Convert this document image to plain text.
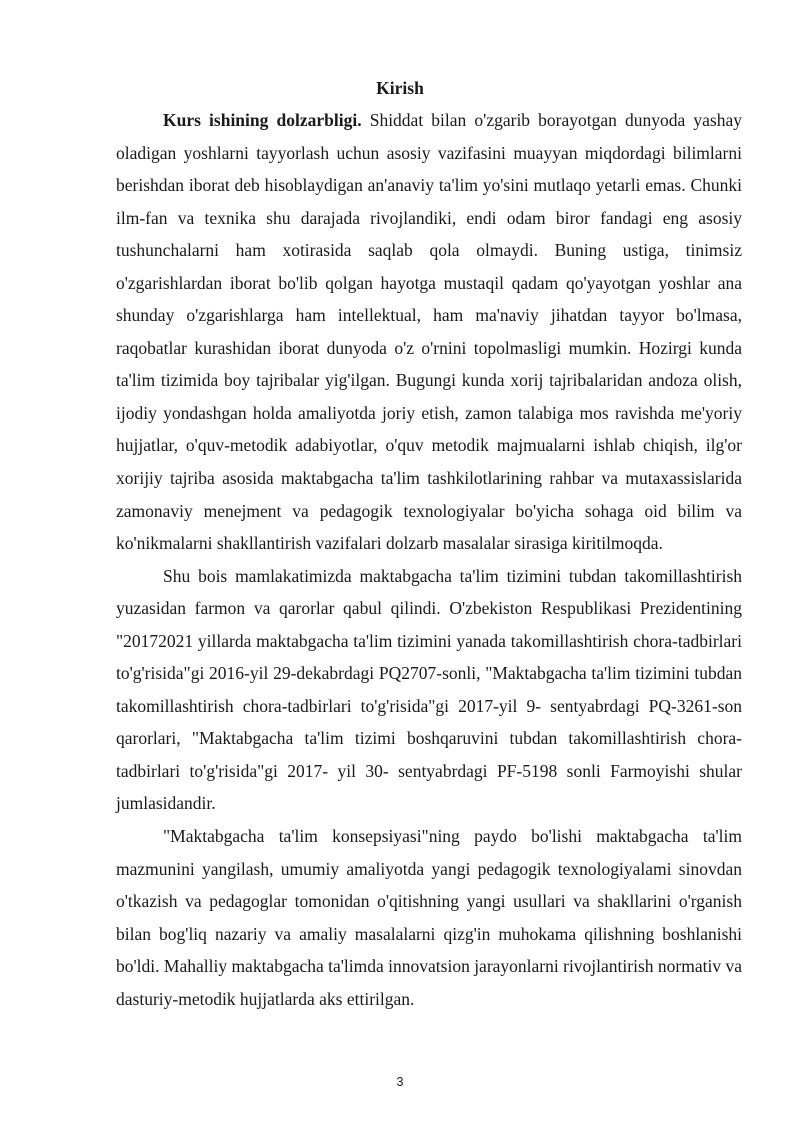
Kirish

Kurs ishining dolzarbligi. Shiddat bilan o'zgarib borayotgan dunyoda yashay oladigan yoshlarni tayyorlash uchun asosiy vazifasini muayyan miqdordagi bilimlarni berishdan iborat deb hisoblaydigan an'anaviy ta'lim yo'sini mutlaqo yetarli emas. Chunki ilm-fan va texnika shu darajada rivojlandiki, endi odam biror fandagi eng asosiy tushunchalarni ham xotirasida saqlab qola olmaydi. Buning ustiga, tinimsiz o'zgarishlardan iborat bo'lib qolgan hayotga mustaqil qadam qo'yayotgan yoshlar ana shunday o'zgarishlarga ham intellektual, ham ma'naviy jihatdan tayyor bo'lmasa, raqobatlar kurashidan iborat dunyoda o'z o'rnini topolmasligi mumkin. Hozirgi kunda ta'lim tizimida boy tajribalar yig'ilgan. Bugungi kunda xorij tajribalaridan andoza olish, ijodiy yondashgan holda amaliyotda joriy etish, zamon talabiga mos ravishda me'yoriy hujjatlar, o'quv-metodik adabiyotlar, o'quv metodik majmualarni ishlab chiqish, ilg'or xorijiy tajriba asosida maktabgacha ta'lim tashkilotlarining rahbar va mutaxassislarida zamonaviy menejment va pedagogik texnologiyalar bo'yicha sohaga oid bilim va ko'nikmalarni shakllantirish vazifalari dolzarb masalalar sirasiga kiritilmoqda.

Shu bois mamlakatimizda maktabgacha ta'lim tizimini tubdan takomillashtirish yuzasidan farmon va qarorlar qabul qilindi. O'zbekiston Respublikasi Prezidentining "20172021 yillarda maktabgacha ta'lim tizimini yanada takomillashtirish chora-tadbirlari to'g'risida"gi 2016-yil 29-dekabrdagi PQ2707-sonli, "Maktabgacha ta'lim tizimini tubdan takomillashtirish chora-tadbirlari to'g'risida"gi 2017-yil 9- sentyabrdagi PQ-3261-son qarorlari, "Maktabgacha ta'lim tizimi boshqaruvini tubdan takomillashtirish chora-tadbirlari to'g'risida"gi 2017- yil 30- sentyabrdagi PF-5198 sonli Farmoyishi shular jumlasidandir.

"Maktabgacha ta'lim konsepsiyasi"ning paydo bo'lishi maktabgacha ta'lim mazmunini yangilash, umumiy amaliyotda yangi pedagogik texnologiyalami sinovdan o'tkazish va pedagoglar tomonidan o'qitishning yangi usullari va shakllarini o'rganish bilan bog'liq nazariy va amaliy masalalarni qizg'in muhokama qilishning boshlanishi bo'ldi. Mahalliy maktabgacha ta'limda innovatsion jarayonlarni rivojlantirish normativ va dasturiy-metodik hujjatlarda aks ettirilgan.

3
